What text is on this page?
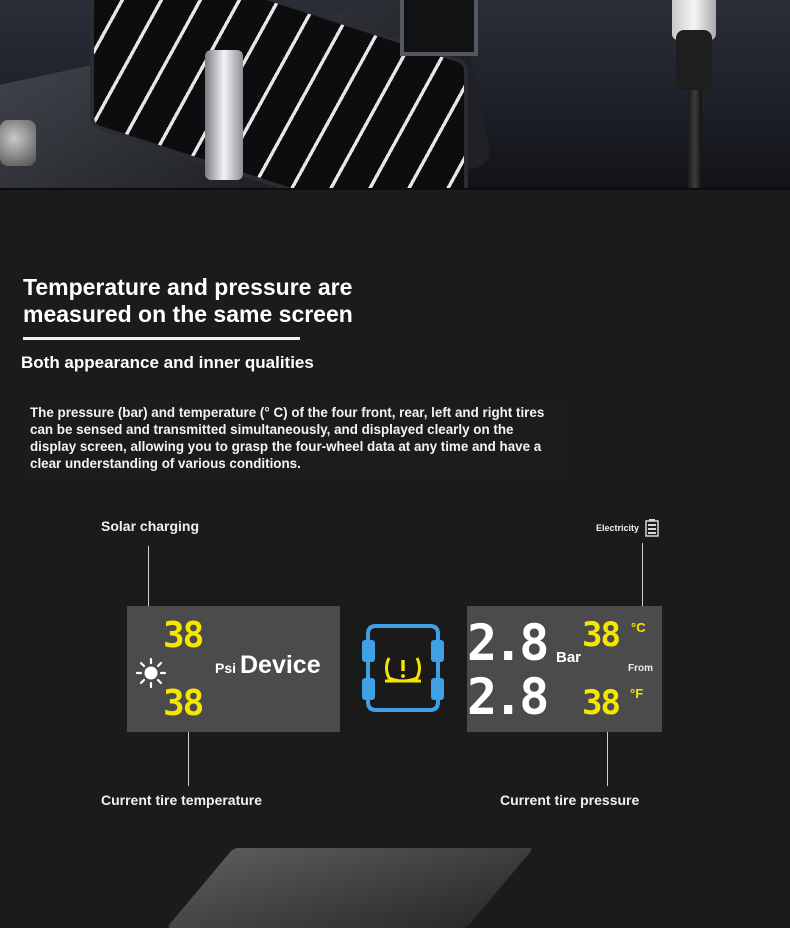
Temperature and pressure are
measured on the same screen
Both appearance and inner qualities
The pressure (bar) and temperature (° C) of the four front, rear, left and right tires can be sensed and transmitted simultaneously, and displayed clearly on the display screen, allowing you to grasp the four-wheel data at any time and have a clear understanding of various conditions.
Solar charging	Electricity
Current tire temperature	Current tire pressure
38
38
Psi Device	2.8
2.8
Bar
38 °C
From
38 °F
